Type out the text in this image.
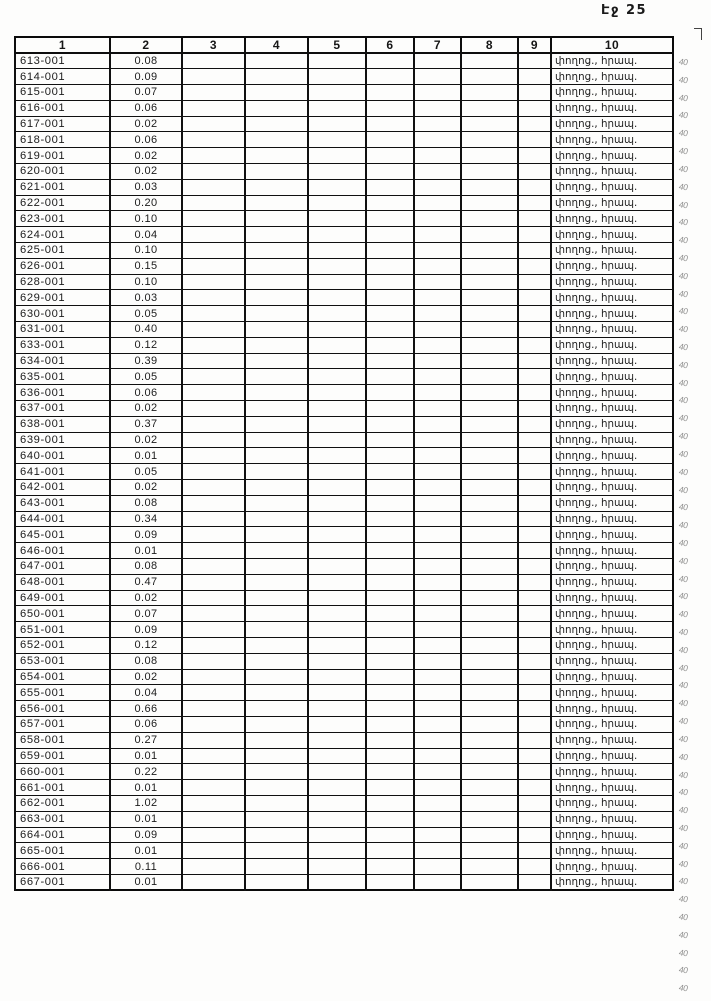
Էջ 25
1	2	3	4	5	6	7	8	9	10
613-001	0.08								փողոց., հրապ.
614-001	0.09								փողոց., հրապ.
615-001	0.07								փողոց., հրապ.
616-001	0.06								փողոց., հրապ.
617-001	0.02								փողոց., հրապ.
618-001	0.06								փողոց., հրապ.
619-001	0.02								փողոց., հրապ.
620-001	0.02								փողոց., հրապ.
621-001	0.03								փողոց., հրապ.
622-001	0.20								փողոց., հրապ.
623-001	0.10								փողոց., հրապ.
624-001	0.04								փողոց., հրապ.
625-001	0.10								փողոց., հրապ.
626-001	0.15								փողոց., հրապ.
628-001	0.10								փողոց., հրապ.
629-001	0.03								փողոց., հրապ.
630-001	0.05								փողոց., հրապ.
631-001	0.40								փողոց., հրապ.
633-001	0.12								փողոց., հրապ.
634-001	0.39								փողոց., հրապ.
635-001	0.05								փողոց., հրապ.
636-001	0.06								փողոց., հրապ.
637-001	0.02								փողոց., հրապ.
638-001	0.37								փողոց., հրապ.
639-001	0.02								փողոց., հրապ.
640-001	0.01								փողոց., հրապ.
641-001	0.05								փողոց., հրապ.
642-001	0.02								փողոց., հրապ.
643-001	0.08								փողոց., հրապ.
644-001	0.34								փողոց., հրապ.
645-001	0.09								փողոց., հրապ.
646-001	0.01								փողոց., հրապ.
647-001	0.08								փողոց., հրապ.
648-001	0.47								փողոց., հրապ.
649-001	0.02								փողոց., հրապ.
650-001	0.07								փողոց., հրապ.
651-001	0.09								փողոց., հրապ.
652-001	0.12								փողոց., հրապ.
653-001	0.08								փողոց., հրապ.
654-001	0.02								փողոց., հրապ.
655-001	0.04								փողոց., հրապ.
656-001	0.66								փողոց., հրապ.
657-001	0.06								փողոց., հրապ.
658-001	0.27								փողոց., հրապ.
659-001	0.01								փողոց., հրապ.
660-001	0.22								փողոց., հրապ.
661-001	0.01								փողոց., հրապ.
662-001	1.02								փողոց., հրապ.
663-001	0.01								փողոց., հրապ.
664-001	0.09								փողոց., հրապ.
665-001	0.01								փողոց., հրապ.
666-001	0.11								փողոց., հրապ.
667-001	0.01								փողոց., հրապ.
40
40
40
40
40
40
40
40
40
40
40
40
40
40
40
40
40
40
40
40
40
40
40
40
40
40
40
40
40
40
40
40
40
40
40
40
40
40
40
40
40
40
40
40
40
40
40
40
40
40
40
40
40
